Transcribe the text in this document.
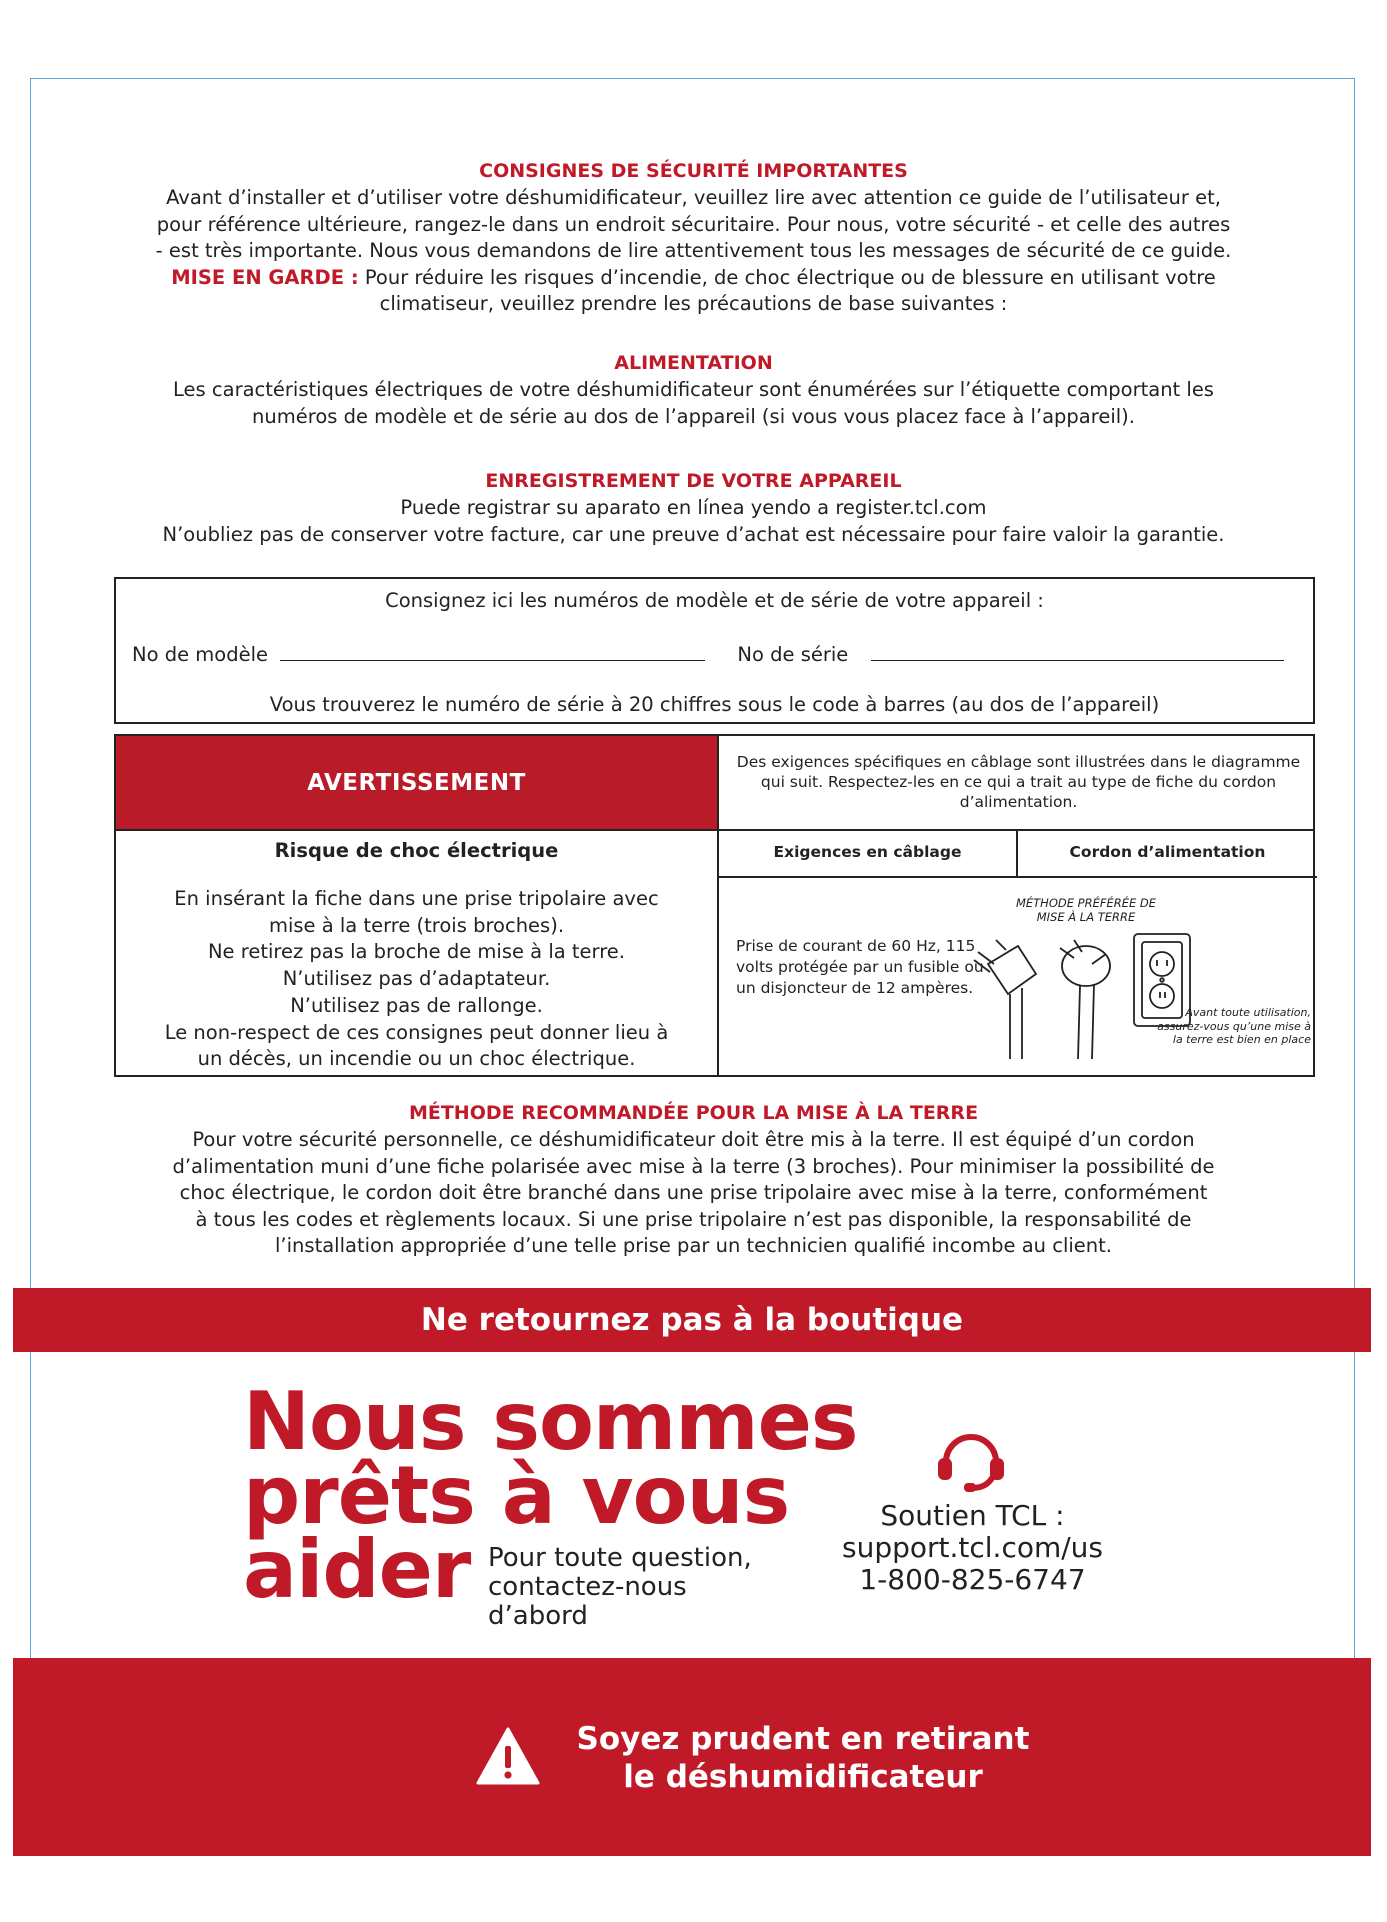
CONSIGNES DE SÉCURITÉ IMPORTANTES
Avant d’installer et d’utiliser votre déshumidificateur, veuillez lire avec attention ce guide de l’utilisateur et,
pour référence ultérieure, rangez-le dans un endroit sécuritaire. Pour nous, votre sécurité - et celle des autres
- est très importante. Nous vous demandons de lire attentivement tous les messages de sécurité de ce guide.
MISE EN GARDE : Pour réduire les risques d’incendie, de choc électrique ou de blessure en utilisant votre
climatiseur, veuillez prendre les précautions de base suivantes :
ALIMENTATION
Les caractéristiques électriques de votre déshumidificateur sont énumérées sur l’étiquette comportant les
numéros de modèle et de série au dos de l’appareil (si vous vous placez face à l’appareil).
ENREGISTREMENT DE VOTRE APPAREIL
Puede registrar su aparato en línea yendo a register.tcl.com
N’oubliez pas de conserver votre facture, car une preuve d’achat est nécessaire pour faire valoir la garantie.
Consignez ici les numéros de modèle et de série de votre appareil :
No de modèle	No de série
Vous trouverez le numéro de série à 20 chiffres sous le code à barres (au dos de l’appareil)
AVERTISSEMENT
Des exigences spécifiques en câblage sont illustrées dans le diagramme qui suit. Respectez-les en ce qui a trait au type de fiche du cordon d’alimentation.
Risque de choc électrique
En insérant la fiche dans une prise tripolaire avec
mise à la terre (trois broches).
Ne retirez pas la broche de mise à la terre.
N’utilisez pas d’adaptateur.
N’utilisez pas de rallonge.
Le non-respect de ces consignes peut donner lieu à
un décès, un incendie ou un choc électrique.
Exigences en câblage	Cordon d’alimentation
Prise de courant de 60 Hz, 115 volts protégée par un fusible ou un disjoncteur de 12 ampères.
MÉTHODE PRÉFÉRÉE DE
MISE À LA TERRE
Avant toute utilisation,
assurez-vous qu’une mise à
la terre est bien en place
MÉTHODE RECOMMANDÉE POUR LA MISE À LA TERRE
Pour votre sécurité personnelle, ce déshumidificateur doit être mis à la terre. Il est équipé d’un cordon
d’alimentation muni d’une fiche polarisée avec mise à la terre (3 broches). Pour minimiser la possibilité de
choc électrique, le cordon doit être branché dans une prise tripolaire avec mise à la terre, conformément
à tous les codes et règlements locaux. Si une prise tripolaire n’est pas disponible, la responsabilité de
l’installation appropriée d’une telle prise par un technicien qualifié incombe au client.
Ne retournez pas à la boutique
Nous sommes
prêts à vous
aider Pour toute question,
contactez-nous
d’abord
Soutien TCL :
support.tcl.com/us
1-800-825-6747
Soyez prudent en retirant
le déshumidificateur
